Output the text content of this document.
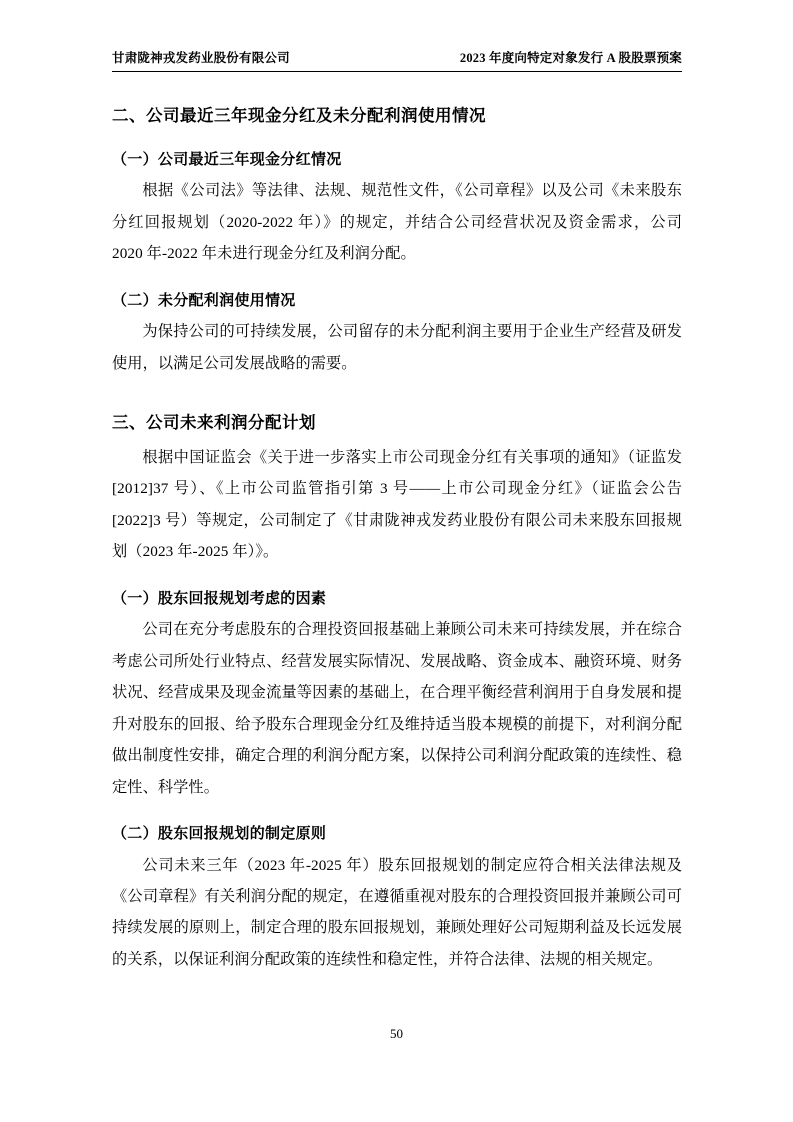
甘肃陇神戎发药业股份有限公司	2023 年度向特定对象发行 A 股股票预案
二、公司最近三年现金分红及未分配利润使用情况
（一）公司最近三年现金分红情况

根据《公司法》等法律、法规、规范性文件，《公司章程》以及公司《未来股东分红回报规划（2020-2022 年）》的规定，并结合公司经营状况及资金需求，公司 2020 年-2022 年未进行现金分红及利润分配。

（二）未分配利润使用情况

为保持公司的可持续发展，公司留存的未分配利润主要用于企业生产经营及研发使用，以满足公司发展战略的需要。

三、公司未来利润分配计划

根据中国证监会《关于进一步落实上市公司现金分红有关事项的通知》（证监发[2012]37 号）、《上市公司监管指引第 3 号——上市公司现金分红》（证监会公告[2022]3 号）等规定，公司制定了《甘肃陇神戎发药业股份有限公司未来股东回报规划（2023 年-2025 年）》。

（一）股东回报规划考虑的因素

公司在充分考虑股东的合理投资回报基础上兼顾公司未来可持续发展，并在综合考虑公司所处行业特点、经营发展实际情况、发展战略、资金成本、融资环境、财务状况、经营成果及现金流量等因素的基础上，在合理平衡经营利润用于自身发展和提升对股东的回报、给予股东合理现金分红及维持适当股本规模的前提下，对利润分配做出制度性安排，确定合理的利润分配方案，以保持公司利润分配政策的连续性、稳定性、科学性。

（二）股东回报规划的制定原则

公司未来三年（2023 年-2025 年）股东回报规划的制定应符合相关法律法规及《公司章程》有关利润分配的规定，在遵循重视对股东的合理投资回报并兼顾公司可持续发展的原则上，制定合理的股东回报规划，兼顾处理好公司短期利益及长远发展的关系，以保证利润分配政策的连续性和稳定性，并符合法律、法规的相关规定。

50
